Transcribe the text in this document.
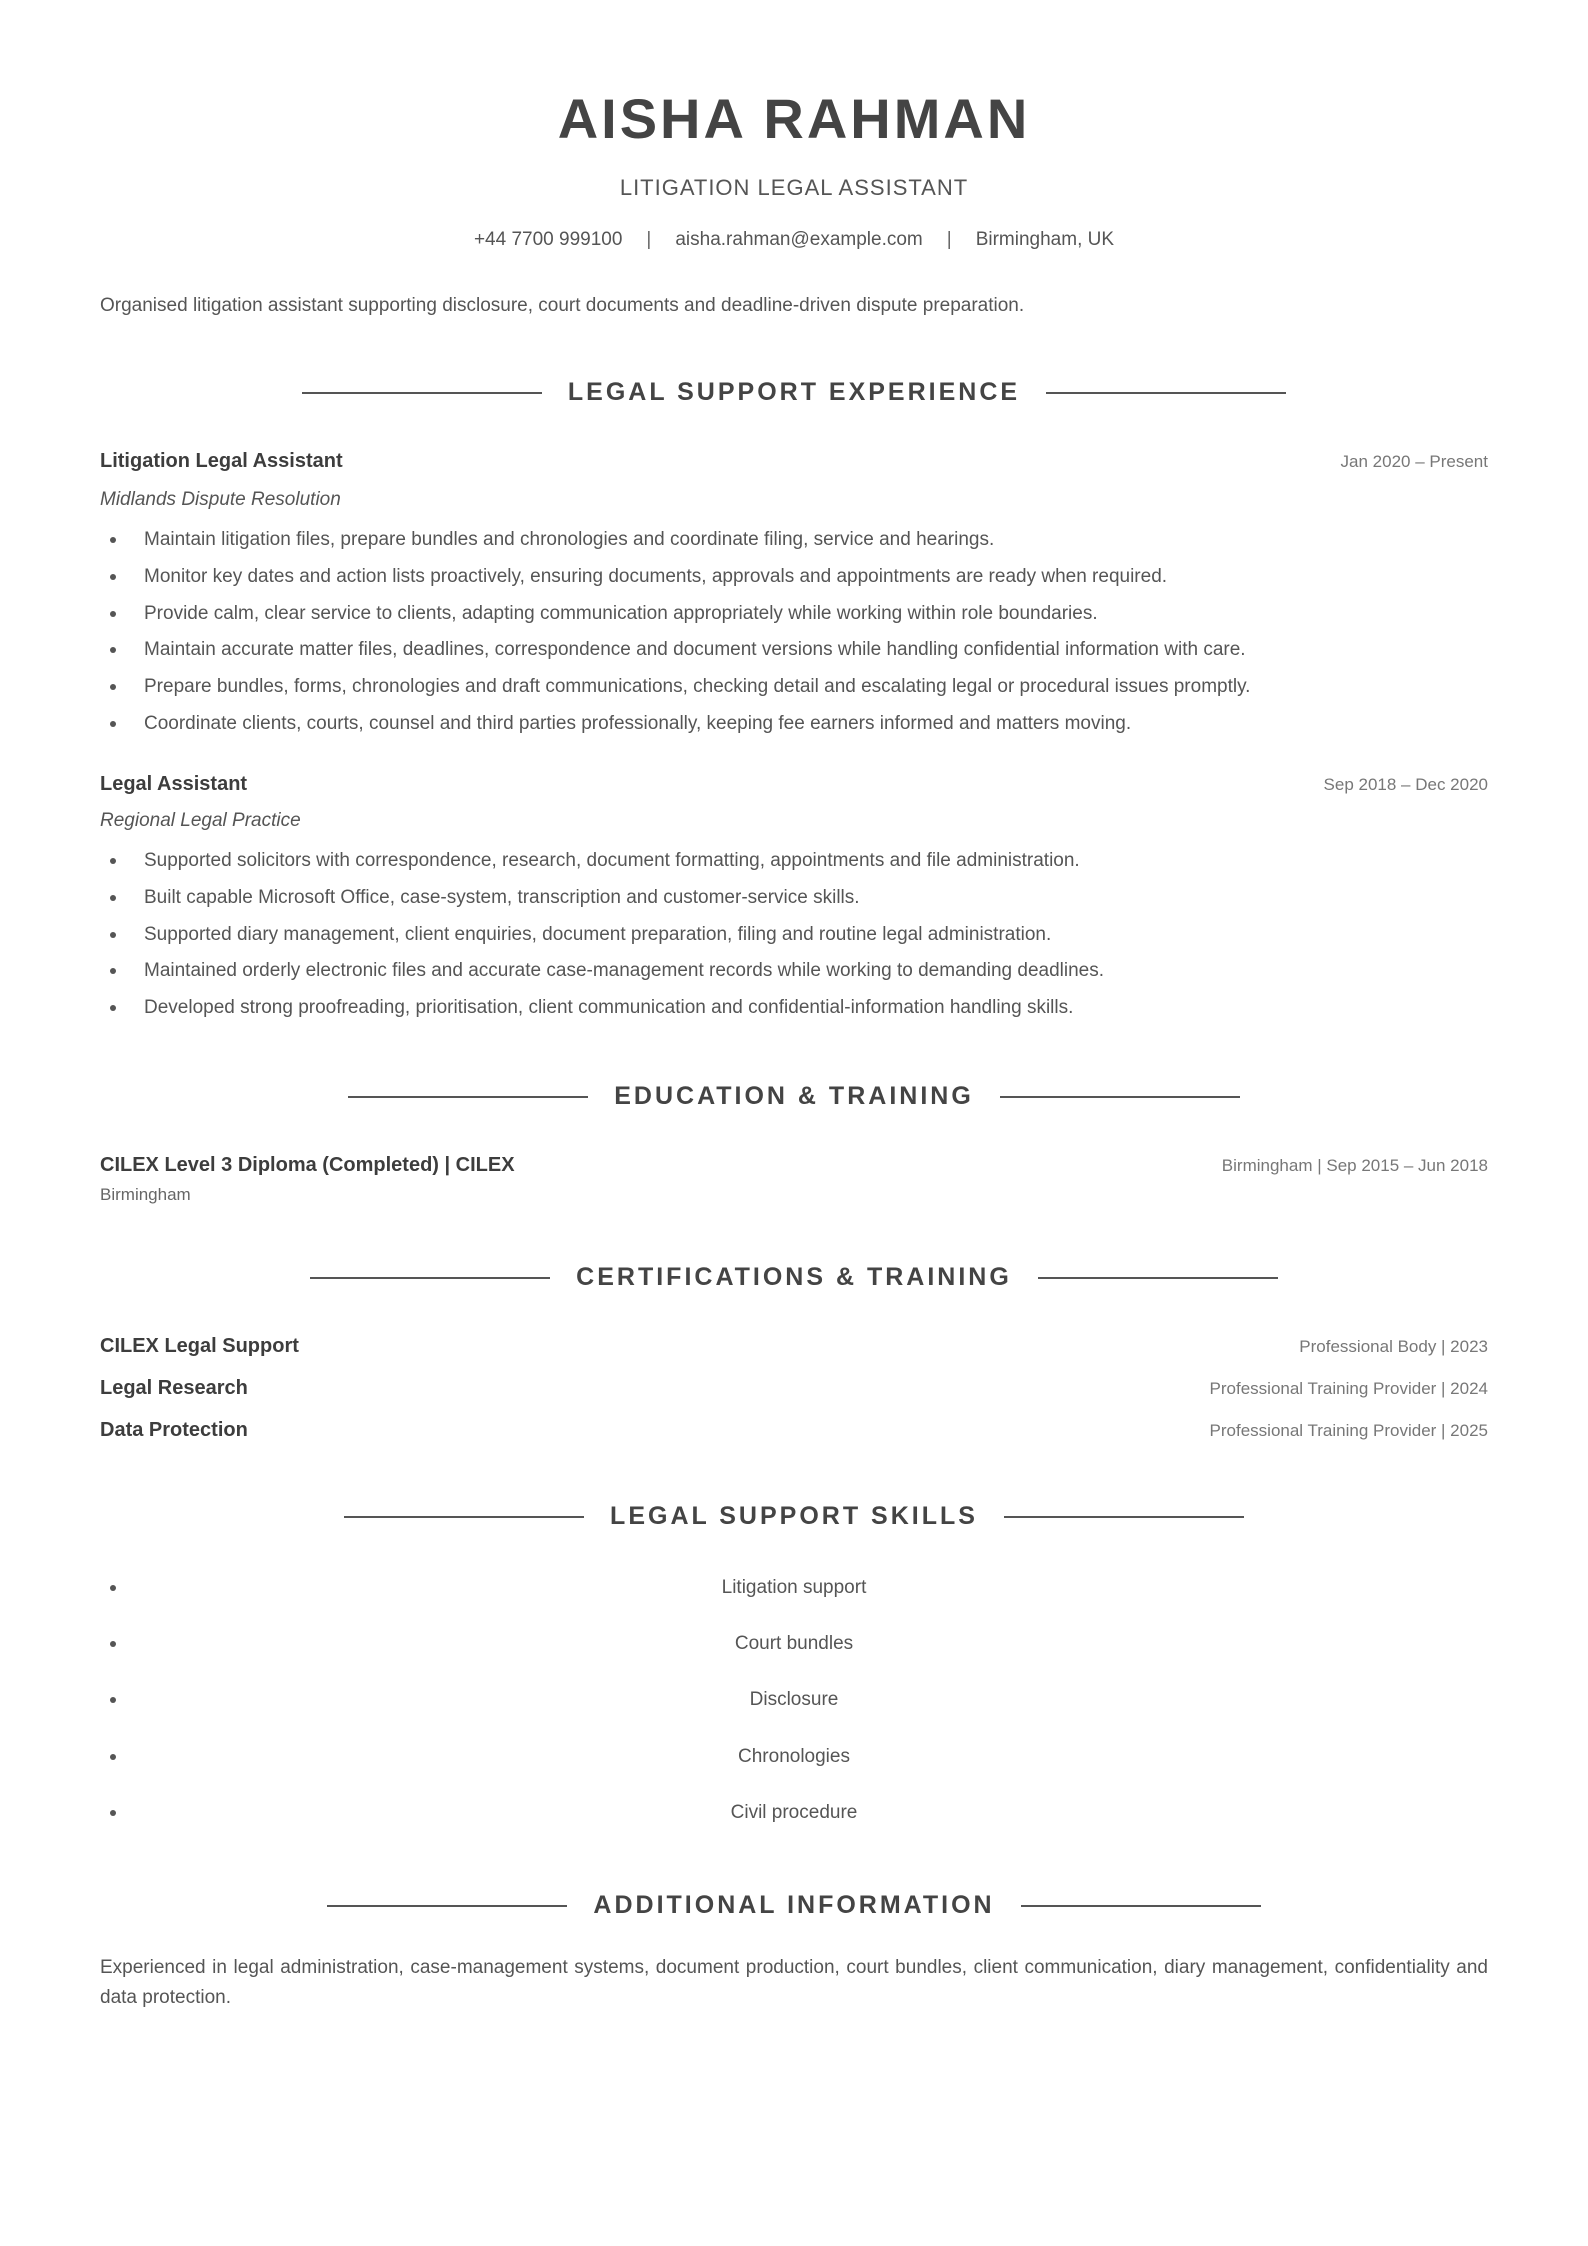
AISHA RAHMAN
LITIGATION LEGAL ASSISTANT
+44 7700 999100 | aisha.rahman@example.com | Birmingham, UK
Organised litigation assistant supporting disclosure, court documents and deadline-driven dispute preparation.
LEGAL SUPPORT EXPERIENCE
Litigation Legal Assistant	Jan 2020 – Present
Midlands Dispute Resolution
Maintain litigation files, prepare bundles and chronologies and coordinate filing, service and hearings.
Monitor key dates and action lists proactively, ensuring documents, approvals and appointments are ready when required.
Provide calm, clear service to clients, adapting communication appropriately while working within role boundaries.
Maintain accurate matter files, deadlines, correspondence and document versions while handling confidential information with care.
Prepare bundles, forms, chronologies and draft communications, checking detail and escalating legal or procedural issues promptly.
Coordinate clients, courts, counsel and third parties professionally, keeping fee earners informed and matters moving.
Legal Assistant	Sep 2018 – Dec 2020
Regional Legal Practice
Supported solicitors with correspondence, research, document formatting, appointments and file administration.
Built capable Microsoft Office, case-system, transcription and customer-service skills.
Supported diary management, client enquiries, document preparation, filing and routine legal administration.
Maintained orderly electronic files and accurate case-management records while working to demanding deadlines.
Developed strong proofreading, prioritisation, client communication and confidential-information handling skills.
EDUCATION & TRAINING
CILEX Level 3 Diploma (Completed) | CILEX	Birmingham | Sep 2015 – Jun 2018
Birmingham
CERTIFICATIONS & TRAINING
CILEX Legal Support	Professional Body | 2023
Legal Research	Professional Training Provider | 2024
Data Protection	Professional Training Provider | 2025
LEGAL SUPPORT SKILLS
Litigation support
Court bundles
Disclosure
Chronologies
Civil procedure
ADDITIONAL INFORMATION
Experienced in legal administration, case-management systems, document production, court bundles, client communication, diary management, confidentiality and data protection.
